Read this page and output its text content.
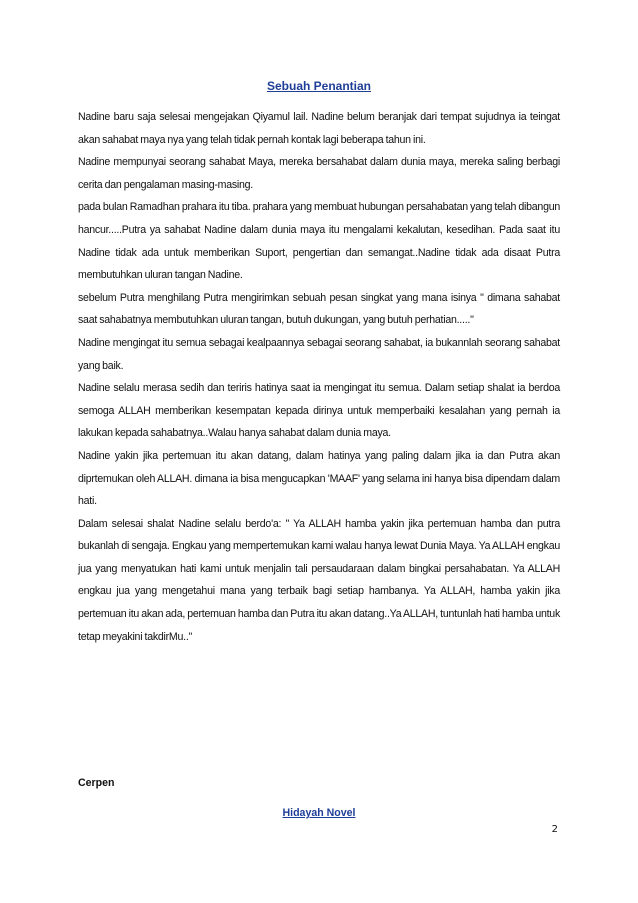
Sebuah Penantian

Nadine baru saja selesai mengejakan Qiyamul lail. Nadine belum beranjak dari tempat sujudnya ia teingat akan sahabat maya nya yang telah tidak pernah kontak lagi beberapa tahun ini.

Nadine mempunyai seorang sahabat Maya, mereka bersahabat dalam dunia maya, mereka saling berbagi cerita dan pengalaman masing-masing.

pada bulan Ramadhan prahara itu tiba. prahara yang membuat hubungan persahabatan yang telah dibangun hancur.....Putra ya sahabat Nadine dalam dunia maya itu mengalami kekalutan, kesedihan. Pada saat itu Nadine tidak ada untuk memberikan Suport, pengertian dan semangat..Nadine tidak ada disaat Putra membutuhkan uluran tangan Nadine.

sebelum Putra menghilang Putra mengirimkan sebuah pesan singkat yang mana isinya " dimana sahabat saat sahabatnya membutuhkan uluran tangan, butuh dukungan, yang butuh perhatian....."

Nadine mengingat itu semua sebagai kealpaannya sebagai seorang sahabat, ia bukannlah seorang sahabat yang baik.

Nadine selalu merasa sedih dan teriris hatinya saat ia mengingat itu semua. Dalam setiap shalat ia berdoa semoga ALLAH memberikan kesempatan kepada dirinya untuk memperbaiki kesalahan yang pernah ia lakukan kepada sahabatnya..Walau hanya sahabat dalam dunia maya.

Nadine yakin jika pertemuan itu akan datang, dalam hatinya yang paling dalam jika ia dan Putra akan diprtemukan oleh ALLAH. dimana ia bisa mengucapkan 'MAAF' yang selama ini hanya bisa dipendam dalam hati.

Dalam selesai shalat Nadine selalu berdo'a: " Ya ALLAH hamba yakin jika pertemuan hamba dan putra bukanlah di sengaja. Engkau yang mempertemukan kami walau hanya lewat Dunia Maya. Ya ALLAH engkau jua yang menyatukan hati kami untuk menjalin tali persaudaraan dalam bingkai persahabatan. Ya ALLAH engkau jua yang mengetahui mana yang terbaik bagi setiap hambanya. Ya ALLAH, hamba yakin jika pertemuan itu akan ada, pertemuan hamba dan Putra itu akan datang..Ya ALLAH, tuntunlah hati hamba untuk tetap meyakini takdirMu.."

Cerpen

Hidayah Novel

2
